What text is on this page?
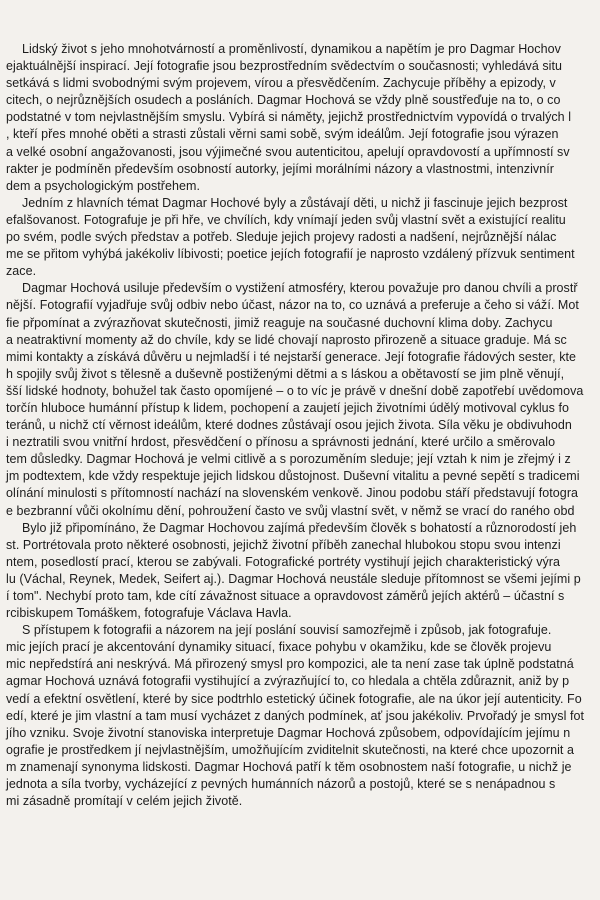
Lidský život s jeho mnohotvárností a proměnlivostí, dynamikou a napětím je pro Dagmar Hochov
ejaktuálnější inspirací. Její fotografie jsou bezprostředním svědectvím o současnosti; vyhledává situ
setkává s lidmi svobodnými svým projevem, vírou a přesvědčením. Zachycuje příběhy a epizody, v
citech, o nejrůznějších osudech a posláních. Dagmar Hochová se vždy plně soustřeďuje na to, o co
podstatné v tom nejvlastnějším smyslu. Vybírá si náměty, jejichž prostřednictvím vypovídá o trvalých l
, kteří přes mnohé oběti a strasti zůstali věrni sami sobě, svým ideálům. Její fotografie jsou výrazen
a velké osobní angažovanosti, jsou výjimečné svou autenticitou, apelují opravdovostí a upřímností sv
rakter je podmíněn především osobností autorky, jejími morálními názory a vlastnostmi, intenzivnír
dem a psychologickým postřehem.
Jedním z hlavních témat Dagmar Hochové byly a zůstávají děti, u nichž ji fascinuje jejich bezprost
efalšovanost. Fotografuje je při hře, ve chvílích, kdy vnímají jeden svůj vlastní svět a existující realitu
po svém, podle svých představ a potřeb. Sleduje jejich projevy radosti a nadšení, nejrůznější nálac
me se přitom vyhýbá jakékoliv líbivosti; poetice jejích fotografií je naprosto vzdálený přízvuk sentiment
zace.
Dagmar Hochová usiluje především o vystižení atmosféry, kterou považuje pro danou chvíli a prostř
nější. Fotografií vyjadřuje svůj odbiv nebo účast, názor na to, co uznává a preferuje a čeho si váží. Mot
fie přpomínat a zvýrazňovat skutečnosti, jimiž reaguje na současné duchovní klima doby. Zachycu
a neatraktivní momenty až do chvíle, kdy se lidé chovají naprosto přirozeně a situace graduje. Má sc
mimi kontakty a získává důvěru u nejmladší i té nejstarší generace. Její fotografie řádových sester, kte
h spojily svůj život s tělesně a duševně postiženými dětmi a s láskou a obětavostí se jim plně věnují,
šší lidské hodnoty, bohužel tak často opomíjené – o to víc je právě v dnešní době zapotřebí uvědomova
torčín hluboce humánní přístup k lidem, pochopení a zaujetí jejich životními údělý motivoval cyklus fo
teránů, u nichž ctí věrnost ideálům, které dodnes zůstávají osou jejich života. Síla věku je obdivuhodn
i neztratili svou vnitřní hrdost, přesvědčení o přínosu a správnosti jednání, které určilo a směrovalo
tem důsledky. Dagmar Hochová je velmi citlivě a s porozuměním sleduje; její vztah k nim je zřejmý i z
jm podtextem, kde vždy respektuje jejich lidskou důstojnost. Duševní vitalitu a pevné sepětí s tradicemi
olínání minulosti s přítomností nachází na slovenském venkově. Jinou podobu stáří představují fotogra
e bezbranní vůči okolnímu dění, pohroužení často ve svůj vlastní svět, v němž se vrací do raného obd
Bylo již připomínáno, že Dagmar Hochovou zajímá především člověk s bohatostí a různorodostí jeh
st. Portrétovala proto některé osobnosti, jejichž životní příběh zanechal hlubokou stopu svou intenzi
ntem, posedlostí prací, kterou se zabývali. Fotografické portréty vystihují jejich charakteristický výra
lu (Váchal, Reynek, Medek, Seifert aj.). Dagmar Hochová neustále sleduje přítomnost se všemi jejími p
í tom". Nechybí proto tam, kde cítí závažnost situace a opravdovost záměrů jejích aktérů – účastní s
rcibiskupem Tomáškem, fotografuje Václava Havla.
S přístupem k fotografii a názorem na její poslání souvisí samozřejmě i způsob, jak fotografuje.
mic jejích prací je akcentování dynamiky situací, fixace pohybu v okamžiku, kde se člověk projevu
mic nepředstírá ani neskrývá. Má přirozený smysl pro kompozici, ale ta není zase tak úplně podstatná
agmar Hochová uznává fotografii vystihující a zvýrazňující to, co hledala a chtěla zdůraznit, aniž by p
vedí a efektní osvětlení, které by sice podtrhlo estetický účinek fotografie, ale na úkor její autenticity. Fo
edí, které je jim vlastní a tam musí vycházet z daných podmínek, ať jsou jakékoliv. Prvořadý je smysl fot
jího vzniku. Svoje životní stanoviska interpretuje Dagmar Hochová způsobem, odpovídajícím jejímu n
ografie je prostředkem jí nejvlastnějším, umožňujícím zviditelnit skutečnosti, na které chce upozornit a
m znamenají synonyma lidskosti. Dagmar Hochová patří k těm osobnostem naší fotografie, u nichž je
jednota a síla tvorby, vycházející z pevných humánních názorů a postojů, které se s nenápadnou s
mi zásadně promítají v celém jejich životě.
